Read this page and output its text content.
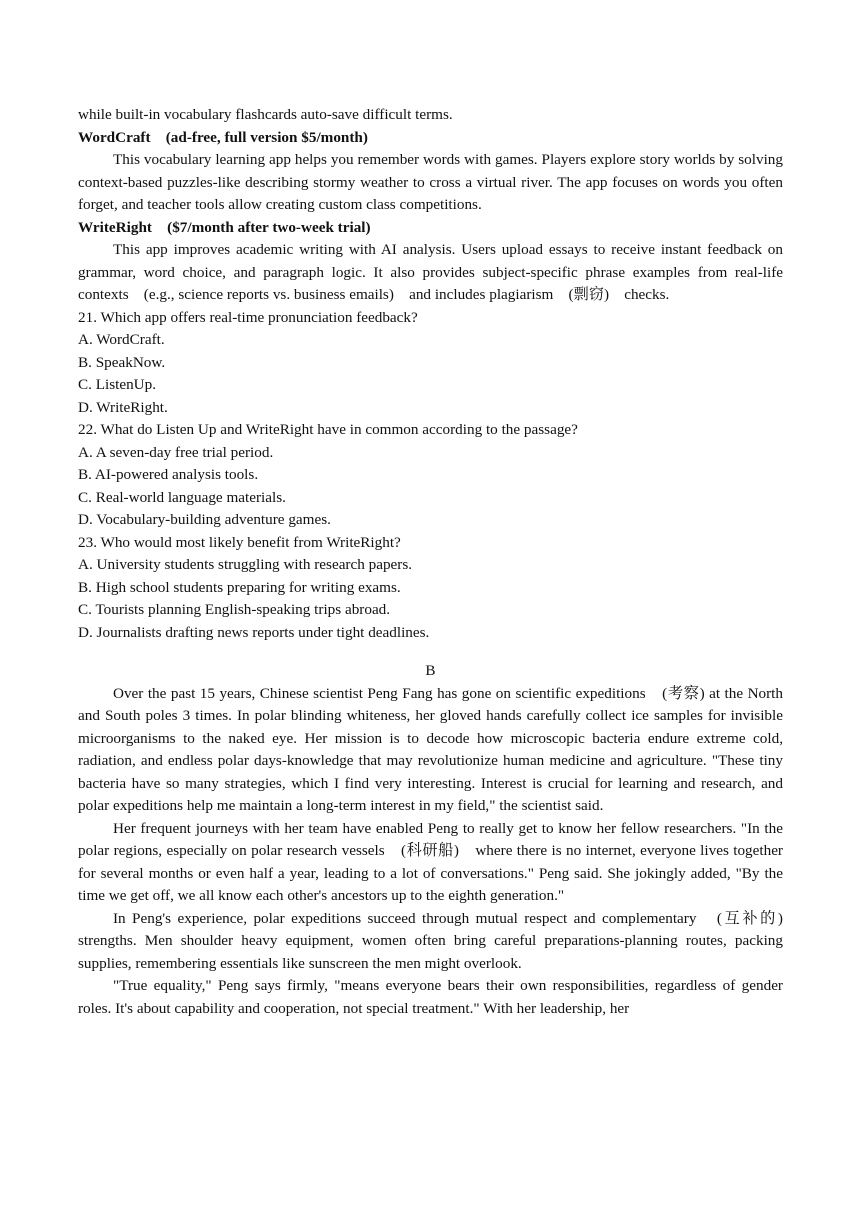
while built-in vocabulary flashcards auto-save difficult terms.

WordCraft　(ad-free, full version $5/month)

This vocabulary learning app helps you remember words with games. Players explore story worlds by solving context-based puzzles-like describing stormy weather to cross a virtual river. The app focuses on words you often forget, and teacher tools allow creating custom class competitions.

WriteRight　($7/month after two-week trial)

This app improves academic writing with AI analysis. Users upload essays to receive instant feedback on grammar, word choice, and paragraph logic. It also provides subject-specific phrase examples from real-life contexts　(e.g., science reports vs. business emails)　and includes plagiarism　(剽窃)　checks.

21. Which app offers real-time pronunciation feedback?

A. WordCraft.

B. SpeakNow.

C. ListenUp.

D. WriteRight.

22. What do Listen Up and WriteRight have in common according to the passage?

A. A seven-day free trial period.

B. AI-powered analysis tools.

C. Real-world language materials.

D. Vocabulary-building adventure games.

23. Who would most likely benefit from WriteRight?

A. University students struggling with research papers.

B. High school students preparing for writing exams.

C. Tourists planning English-speaking trips abroad.

D. Journalists drafting news reports under tight deadlines.

B

Over the past 15 years, Chinese scientist Peng Fang has gone on scientific expeditions　(考察) at the North and South poles 3 times. In polar blinding whiteness, her gloved hands carefully collect ice samples for invisible microorganisms to the naked eye. Her mission is to decode how microscopic bacteria endure extreme cold, radiation, and endless polar days-knowledge that may revolutionize human medicine and agriculture. "These tiny bacteria have so many strategies, which I find very interesting. Interest is crucial for learning and research, and polar expeditions help me maintain a long-term interest in my field," the scientist said.

Her frequent journeys with her team have enabled Peng to really get to know her fellow researchers. "In the polar regions, especially on polar research vessels　(科研船)　where there is no internet, everyone lives together for several months or even half a year, leading to a lot of conversations." Peng said. She jokingly added, "By the time we get off, we all know each other's ancestors up to the eighth generation."

In Peng's experience, polar expeditions succeed through mutual respect and complementary　(互补的)　strengths. Men shoulder heavy equipment, women often bring careful preparations-planning routes, packing supplies, remembering essentials like sunscreen the men might overlook.

"True equality," Peng says firmly, "means everyone bears their own responsibilities, regardless of gender roles. It's about capability and cooperation, not special treatment." With her leadership, her
